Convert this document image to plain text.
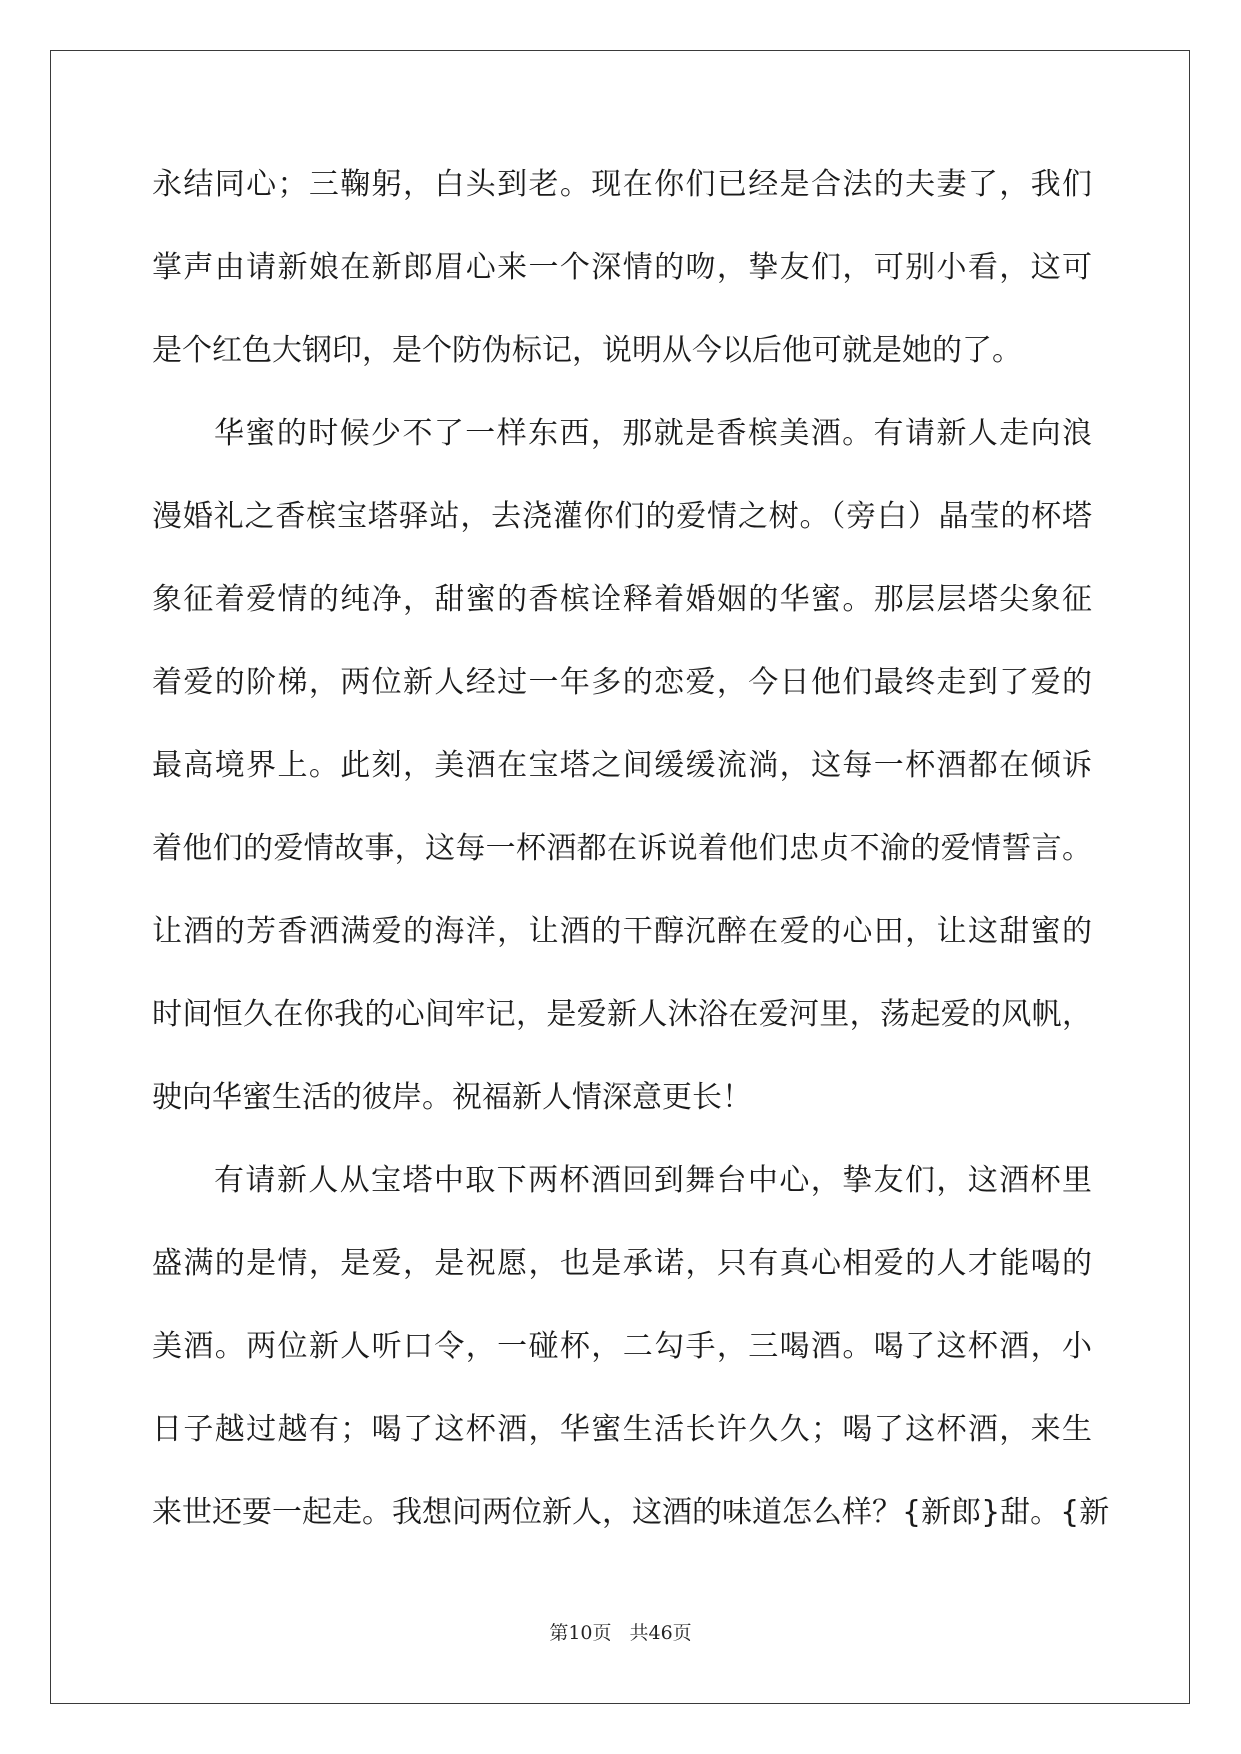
永结同心；三鞠躬，白头到老。现在你们已经是合法的夫妻了，我们
掌声由请新娘在新郎眉心来一个深情的吻，挚友们，可别小看，这可
是个红色大钢印，是个防伪标记，说明从今以后他可就是她的了。
华蜜的时候少不了一样东西，那就是香槟美酒。有请新人走向浪
漫婚礼之香槟宝塔驿站，去浇灌你们的爱情之树。（旁白）晶莹的杯塔
象征着爱情的纯净，甜蜜的香槟诠释着婚姻的华蜜。那层层塔尖象征
着爱的阶梯，两位新人经过一年多的恋爱，今日他们最终走到了爱的
最高境界上。此刻，美酒在宝塔之间缓缓流淌，这每一杯酒都在倾诉
着他们的爱情故事，这每一杯酒都在诉说着他们忠贞不渝的爱情誓言。
让酒的芳香洒满爱的海洋，让酒的干醇沉醉在爱的心田，让这甜蜜的
时间恒久在你我的心间牢记，是爱新人沐浴在爱河里，荡起爱的风帆，
驶向华蜜生活的彼岸。祝福新人情深意更长！
有请新人从宝塔中取下两杯酒回到舞台中心，挚友们，这酒杯里
盛满的是情，是爱，是祝愿，也是承诺，只有真心相爱的人才能喝的
美酒。两位新人听口令，一碰杯，二勾手，三喝酒。喝了这杯酒，小
日子越过越有；喝了这杯酒，华蜜生活长许久久；喝了这杯酒，来生
来世还要一起走。我想问两位新人，这酒的味道怎么样？{新郎}甜。{新
第10页 共46页
